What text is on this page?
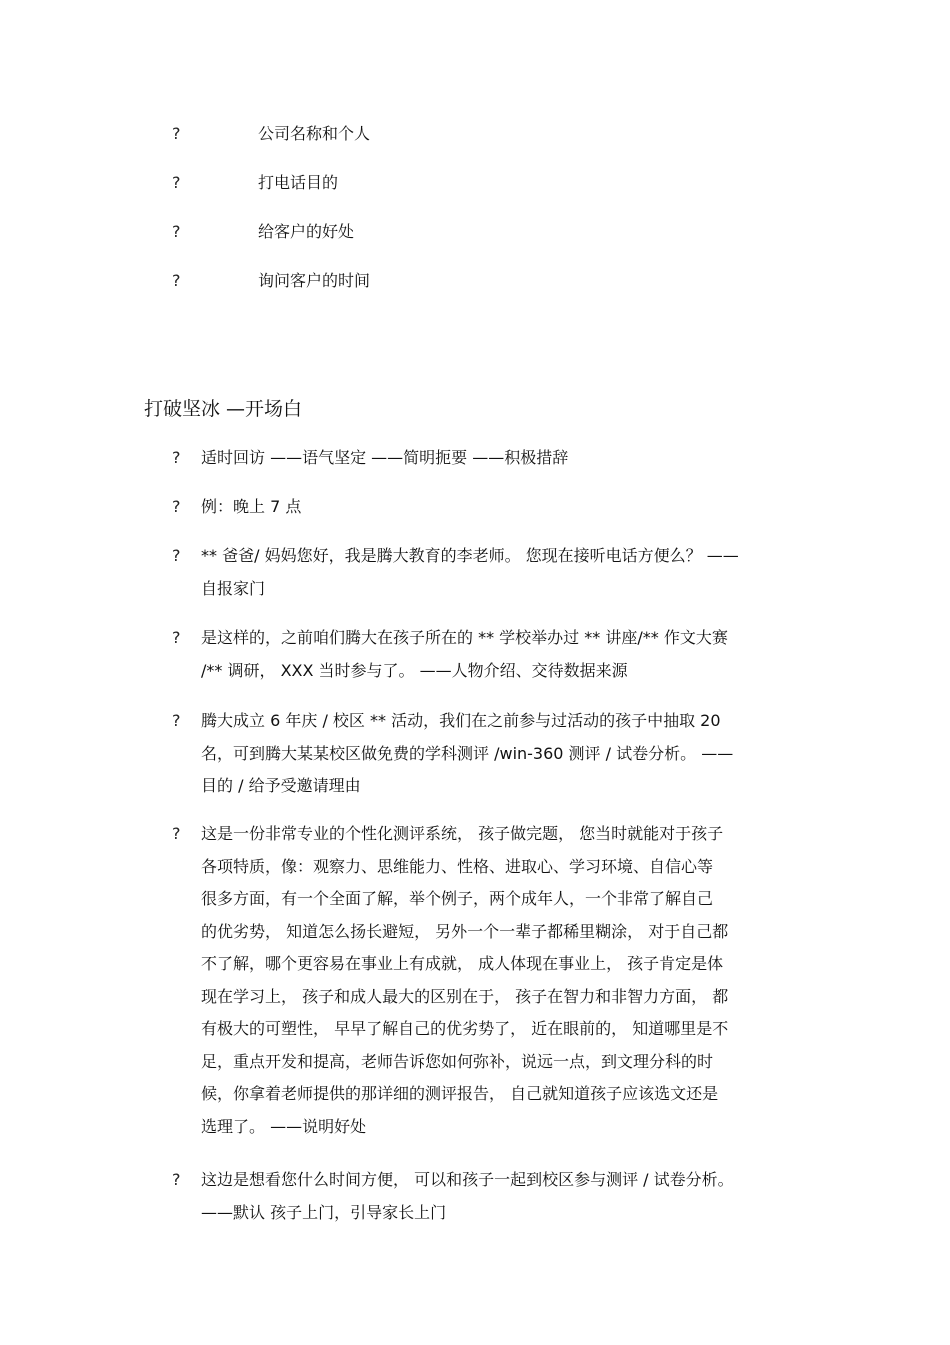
?	公司名称和个人
?	打电话目的
?	给客户的好处
?	询问客户的时间
打破坚冰 —开场白
? 适时回访 ——语气坚定 ——简明扼要 ——积极措辞
? 例：晚上 7 点
? ** 爸爸/ 妈妈您好，我是腾大教育的李老师。 您现在接听电话方便么？ ——
自报家门
? 是这样的，之前咱们腾大在孩子所在的 ** 学校举办过 ** 讲座/** 作文大赛
/** 调研， XXX 当时参与了。 ——人物介绍、交待数据来源
? 腾大成立 6 年庆 / 校区 ** 活动，我们在之前参与过活动的孩子中抽取 20
名，可到腾大某某校区做免费的学科测评 /win-360 测评 / 试卷分析。 ——
目的 / 给予受邀请理由
? 这是一份非常专业的个性化测评系统， 孩子做完题， 您当时就能对于孩子
各项特质，像：观察力、思维能力、性格、进取心、学习环境、自信心等
很多方面，有一个全面了解，举个例子，两个成年人，一个非常了解自己
的优劣势， 知道怎么扬长避短， 另外一个一辈子都稀里糊涂， 对于自己都
不了解，哪个更容易在事业上有成就， 成人体现在事业上， 孩子肯定是体
现在学习上， 孩子和成人最大的区别在于， 孩子在智力和非智力方面， 都
有极大的可塑性， 早早了解自己的优劣势了， 近在眼前的， 知道哪里是不
足，重点开发和提高，老师告诉您如何弥补，说远一点，到文理分科的时
候，你拿着老师提供的那详细的测评报告， 自己就知道孩子应该选文还是
选理了。 ——说明好处
? 这边是想看您什么时间方便， 可以和孩子一起到校区参与测评 / 试卷分析。
——默认 孩子上门，引导家长上门
